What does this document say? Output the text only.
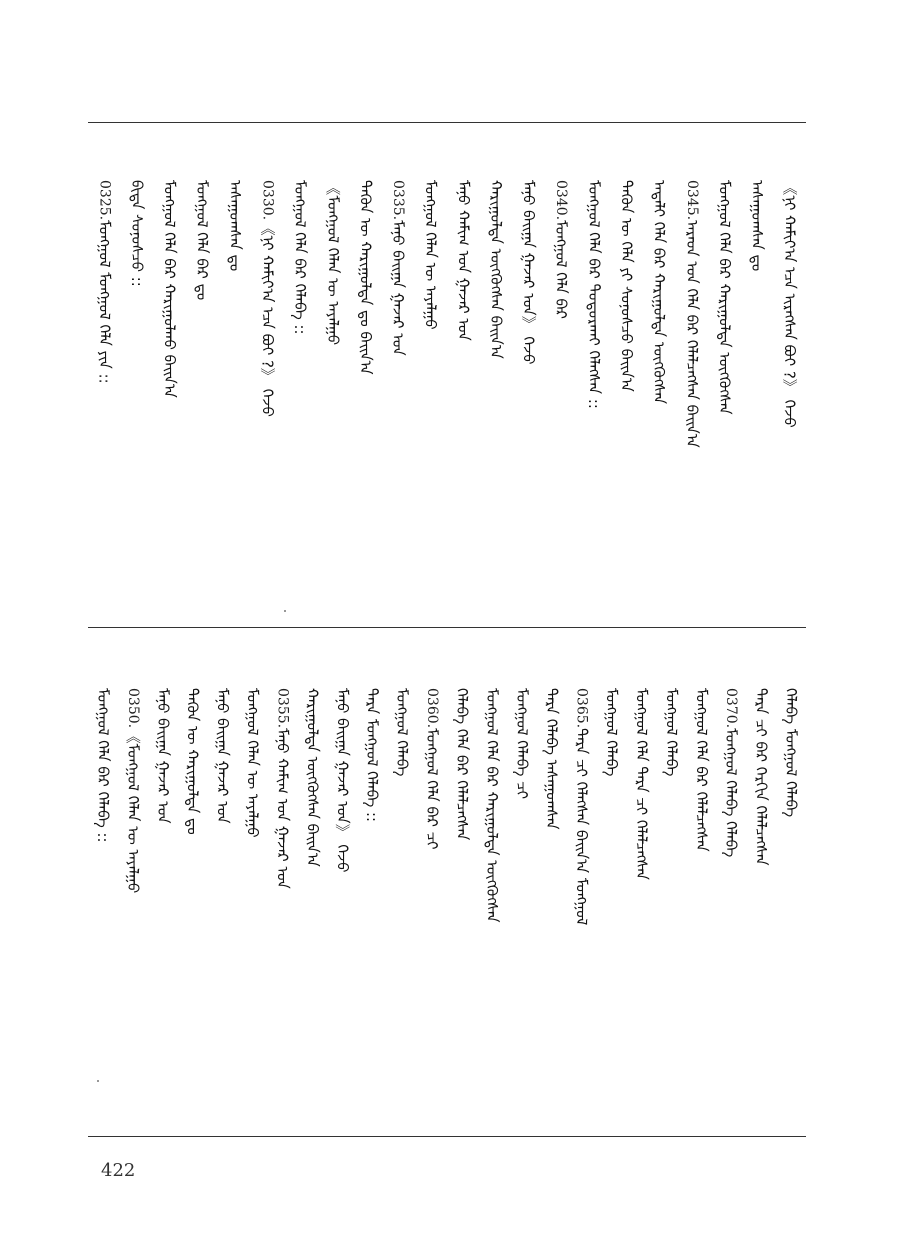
《ᠨᠢ ᠬᠠᠮᠢᠶ᠎ᠠ ᠡᠴᠡ ᠢᠷᠡᠭᠰᠡᠨ ᠪᠤᠢ ?》 ᠭᠡᠵᠦ
ᠠᠰᠠᠭᠤᠭᠰᠠᠨ ᠳᠤ
ᠮᠣᠩᠭᠣᠯ ᠬᠡᠯᠡ ᠪᠡᠷ ᠬᠠᠷᠢᠭᠤᠯᠲᠠ ᠦᠭᠭᠦᠭᠰᠡᠨ
0345.ᠠᠷᠠᠳ ᠤᠨ ᠬᠡᠯᠡ ᠪᠡᠷ ᠬᠡᠯᠡᠯᠴᠡᠭᠰᠡᠨ ᠪᠠᠢᠨ᠎ᠠ
ᠠᠳᠠᠯᠢ ᠬᠡᠯᠡ ᠪᠡᠷ ᠬᠠᠷᠢᠭᠤᠯᠲᠠ ᠦᠭᠭᠦᠭᠰᠡᠨ
ᠲᠡᠭᠦᠨ ᠦ ᠬᠡᠯᠡ ᠶᠢ ᠰᠣᠨᠣᠰᠴᠤ ᠪᠠᠢᠨ᠎ᠠ
ᠮᠣᠩᠭᠣᠯ ᠬᠡᠯᠡ ᠪᠡᠷ ᠲᠣᠳᠣᠷᠬᠠᠢ ᠬᠡᠯᠡᠭᠰᠡᠨ ::
0340.ᠮᠣᠩᠭᠣᠯ ᠬᠡᠯᠡ ᠪᠡᠷ
ᠮᠠᠨᠤ ᠪᠠᠢᠭᠠ ᠭᠠᠵᠠᠷ ᠤᠨ》 ᠭᠡᠵᠦ
ᠬᠠᠷᠢᠭᠤᠯᠲᠠ ᠦᠭᠭᠦᠭᠰᠡᠨ ᠪᠠᠢᠨ᠎ᠠ
ᠮᠠᠨᠤ ᠬᠠᠮᠢᠭ ᠤᠨ ᠭᠠᠵᠠᠷ ᠤᠨ
ᠮᠣᠩᠭᠣᠯ ᠬᠡᠯᠡᠨ ᠦ ᠠᠶᠠᠯᠭᠤ
0335.ᠮᠠᠨᠤ ᠪᠠᠢᠭᠠ ᠭᠠᠵᠠᠷ ᠤᠨ
ᠲᠡᠭᠦᠨ ᠦ ᠬᠠᠷᠢᠭᠤᠯᠲᠠ ᠳᠤ ᠪᠠᠢᠨ᠎ᠠ
《ᠮᠣᠩᠭᠣᠯ ᠬᠡᠯᠡᠨ ᠦ ᠠᠶᠠᠯᠭᠤ
ᠮᠣᠩᠭᠣᠯ ᠬᠡᠯᠡ ᠪᠡᠷ ᠬᠡᠯᠡᠪᠡ ::
0330.《ᠨᠢ ᠬᠠᠮᠢᠶ᠎ᠠ ᠡᠴᠡ ᠪᠤᠢ ?》 ᠭᠡᠵᠦ
ᠠᠰᠠᠭᠤᠭᠰᠠᠨ ᠳᠤ
ᠮᠣᠩᠭᠣᠯ ᠬᠡᠯᠡ ᠪᠡᠷ ᠳᠤ
ᠮᠣᠩᠭᠣᠯ ᠬᠡᠯᠡ ᠪᠡᠷ ᠬᠠᠷᠢᠭᠤᠯᠬᠤ ᠪᠠᠢᠨ᠎ᠠ
ᠪᠢᠳᠡ ᠰᠣᠨᠣᠰᠴᠤ ::
0325.ᠮᠣᠩᠭᠣᠯ ᠮᠣᠩᠭᠣᠯ ᠬᠡᠯᠡ ᠶᠢᠨ ::
ᠬᠡᠯᠡᠪᠡ ᠮᠣᠩᠭᠣᠯ ᠬᠡᠯᠡᠪᠡ
ᠲᠡᠷᠡ ᠴᠢ ᠪᠡᠷ ᠬᠡᠷᠬᠢᠨ ᠬᠡᠯᠡᠯᠴᠡᠭᠰᠡᠨ
0370.ᠮᠣᠩᠭᠣᠯ ᠬᠡᠯᠡᠪᠡ ᠬᠡᠯᠡᠪᠡ
ᠮᠣᠩᠭᠣᠯ ᠬᠡᠯᠡ ᠪᠡᠷ ᠬᠡᠯᠡᠯᠴᠡᠭᠰᠡᠨ
ᠮᠣᠩᠭᠣᠯ ᠬᠡᠯᠡᠪᠡ
ᠮᠣᠩᠭᠣᠯ ᠬᠡᠯᠡ ᠲᠡᠷᠡ ᠴᠢ ᠬᠡᠯᠡᠯᠴᠡᠭᠰᠡᠨ
ᠮᠣᠩᠭᠣᠯ ᠬᠡᠯᠡᠪᠡ
0365.ᠲᠡᠷᠡ ᠴᠢ ᠬᠡᠯᠡᠭᠰᠡᠨ ᠪᠠᠢᠨ᠎ᠠ ᠮᠣᠩᠭᠣᠯ
ᠲᠡᠷᠡ ᠬᠡᠯᠡᠪᠡ ᠠᠰᠠᠭᠤᠭᠰᠠᠨ
ᠮᠣᠩᠭᠣᠯ ᠬᠡᠯᠡᠪᠡ ᠴᠢ
ᠮᠣᠩᠭᠣᠯ ᠬᠡᠯᠡ ᠪᠡᠷ ᠬᠠᠷᠢᠭᠤᠯᠲᠠ ᠦᠭᠭᠦᠭᠰᠡᠨ
ᠬᠡᠯᠡᠪᠡ ᠬᠡᠯᠡ ᠪᠡᠷ ᠬᠡᠯᠡᠯᠴᠡᠭᠰᠡᠨ
0360.ᠮᠣᠩᠭᠣᠯ ᠬᠡᠯᠡ ᠪᠡᠷ ᠴᠢ
ᠮᠣᠩᠭᠣᠯ ᠬᠡᠯᠡᠪᠡ
ᠲᠡᠷᠡ ᠮᠣᠩᠭᠣᠯ ᠬᠡᠯᠡᠪᠡ ::
ᠮᠠᠨᠤ ᠪᠠᠢᠭᠠ ᠭᠠᠵᠠᠷ ᠤᠨ》 ᠭᠡᠵᠦ
ᠬᠠᠷᠢᠭᠤᠯᠲᠠ ᠦᠭᠭᠦᠭᠰᠡᠨ ᠪᠠᠢᠨ᠎ᠠ
0355.ᠮᠠᠨᠤ ᠬᠠᠮᠢᠭ ᠤᠨ ᠭᠠᠵᠠᠷ ᠤᠨ
ᠮᠣᠩᠭᠣᠯ ᠬᠡᠯᠡᠨ ᠦ ᠠᠶᠠᠯᠭᠤ
ᠮᠠᠨᠤ ᠪᠠᠢᠭᠠ ᠭᠠᠵᠠᠷ ᠤᠨ
ᠲᠡᠭᠦᠨ ᠦ ᠬᠠᠷᠢᠭᠤᠯᠲᠠ ᠳᠤ
ᠮᠠᠨᠤ ᠪᠠᠢᠭᠠ ᠭᠠᠵᠠᠷ ᠤᠨ
0350.《ᠮᠣᠩᠭᠣᠯ ᠬᠡᠯᠡᠨ ᠦ ᠠᠶᠠᠯᠭᠤ
ᠮᠣᠩᠭᠣᠯ ᠬᠡᠯᠡ ᠪᠡᠷ ᠬᠡᠯᠡᠪᠡ ::
422
